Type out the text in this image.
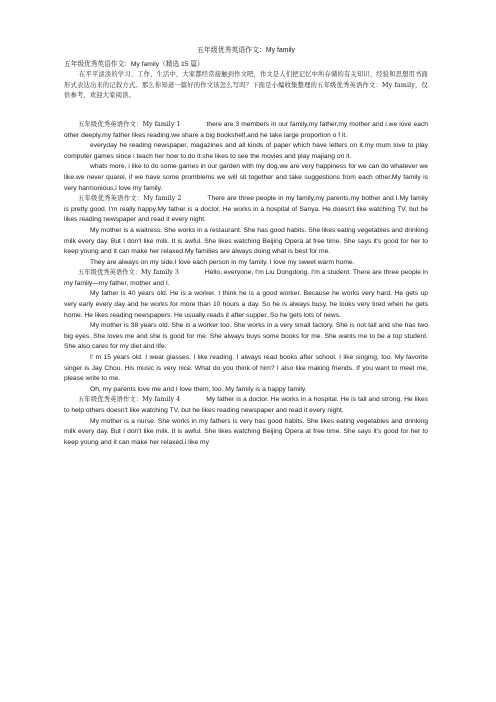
五年级优秀英语作文：My family

五年级优秀英语作文：My family（精选 15 篇）

在平平淡淡的学习、工作、生活中，大家都经常接触到作文吧，作文是人们把记忆中所存储的有关知识、经验和思想用书面形式表达出来的记叙方式。那么你知道一篇好的作文该怎么写吗？下面是小编收集整理的五年级优秀英语作文：My family，仅供参考，欢迎大家阅读。

五年级优秀英语作文：My family 1	there are 3 members in our family,my father,my mother and i.we love each other deeply.my father likes reading.we share a big bookshelf,and he take large proportion o f it.

everyday he reading newspaper, magazines and all kinds of paper which have letters on it.my mum love to play computer games since i teach her how to do it.she likes to see the movies and play majiang on it.

whats more, i like to do some games in our garden with my dog.we are very happiness for we can do whatever we like.we never quarel, if we have some promblems we will sit together and take suggestions from each other.My family is very harmonious,i love my family.

五年级优秀英语作文：My family 2	There are three people in my family,my parents,my bother and I.My family is pretty good. I'm really happy.My father is a doctor. He works in a hospital of Sanya. He doesn't like watching TV, but he likes reading newspaper and read it every night.

My mother is a waitress. She works in a restaurant. She has good habits. She likes eating vegetables and drinking milk every day. But I don't like milk. It is awful. She likes watching Beijing Opera at free time. She says it's good for her to keep young and it can make her relaxed.My families are always doing what is best for me.

They are always on my side.I love each person in my family. I love my sweet warm home.

五年级优秀英语作文：My family 3	Hello, everyone, I'm Liu Dongdong. I'm a student. There are three people in my family—my father, mother and I.

My father is 40 years old. He is a worker. I think he is a good worker. Because he works very hard. He gets up very early every day and he works for more than 10 hours a day. So he is always busy, he looks very tired when he gets home. He likes reading newspapers. He usually reads it after supper. So he gets lots of news.

My mother is 38 years old. She is a worker too. She works in a very small factory. She is not tall and she has two big eyes. She loves me and she is good for me. She always buys some books for me. She wants me to be a top student. She also cares for my diet and life.

I' m 15 years old. I wear glasses. I like reading. I always read books after school. I like singing, too. My favorite singer is Jay Chou. His music is very nice. What do you think of him? I also like making friends. If you want to meet me, please write to me.

Oh, my parents love me and I love them, too. My family is a happy family.

五年级优秀英语作文：My family 4	My father is a doctor. He works in a hospital. He is tall and strong. He likes to help others doesn't like watching TV, but he likes reading newspaper and read it every night.

My mother is a nurse. She works in my fathers is very has good habits. She likes eating vegetables and drinking milk every day. But I don't like milk. It is awful. She likes watching Beijing Opera at free time. She says it's good for her to keep young and it can make her relaxed.i like my
